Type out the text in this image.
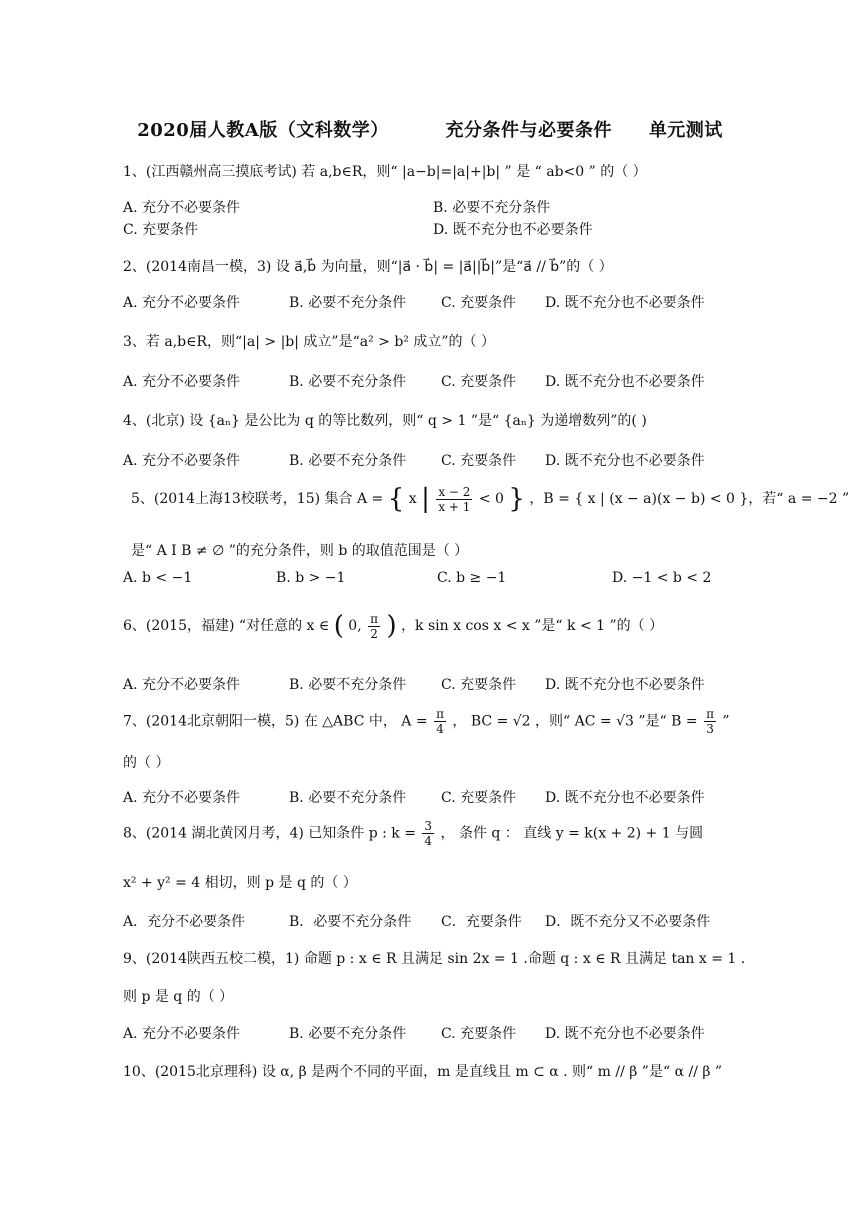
2020届人教A版（文科数学）	充分条件与必要条件 单元测试
1、(江西赣州高三摸底考试) 若 a,b∈R，则“ |a−b|=|a|+|b| ” 是 “ ab<0 ” 的（ ）
A. 充分不必要条件	B. 必要不充分条件
C. 充要条件	D. 既不充分也不必要条件
2、(2014南昌一模，3) 设 a⃗,b⃗ 为向量，则“|a⃗ · b⃗| = |a⃗||b⃗|”是“a⃗ // b⃗”的（ ）
A. 充分不必要条件	B. 必要不充分条件 C. 充要条件 D. 既不充分也不必要条件
3、若 a,b∈R，则“|a| > |b| 成立”是“a² > b² 成立”的（ ）
A. 充分不必要条件	B. 必要不充分条件 C. 充要条件 D. 既不充分也不必要条件
4、(北京) 设 {aₙ} 是公比为 q 的等比数列，则“ q > 1 ”是“ {aₙ} 为递增数列”的( )
A. 充分不必要条件	B. 必要不充分条件 C. 充要条件 D. 既不充分也不必要条件
5、(2014上海13校联考，15) 集合 A = { x | $\frac{x - 2}{x + 1} < 0$ } ，B = { x | (x − a)(x − b) < 0 }，若“ a = −2 ”
是“ A I B ≠ ∅ ”的充分条件，则 b 的取值范围是（ ）
A. b < −1	B. b > −1	C. b ≥ −1	D. −1 < b < 2
6、(2015，福建) “对任意的 x ∈ ( 0, $\frac{\pi}{2}$ ) ，k sin x cos x < x ”是“ k < 1 ”的（ ）
A. 充分不必要条件	B. 必要不充分条件 C. 充要条件 D. 既不充分也不必要条件
7、(2014北京朝阳一模，5) 在 △ABC 中， $A = \frac{\pi}{4}$ ， BC = √2 ，则“ AC = √3 ”是“ $B = \frac{\pi}{3}$ ”
的（ ）
A. 充分不必要条件	B. 必要不充分条件 C. 充要条件 D. 既不充分也不必要条件
8、(2014 湖北黄冈月考，4) 已知条件 p : $k = \frac{3}{4}$ ， 条件 q ： 直线 y = k(x + 2) + 1 与圆
x² + y² = 4 相切，则 p 是 q 的（ ）
A．充分不必要条件	B．必要不充分条件 C．充要条件 D．既不充分又不必要条件
9、(2014陕西五校二模，1) 命题 p : x ∈ R 且满足 sin 2x = 1 .命题 q : x ∈ R 且满足 tan x = 1 .
则 p 是 q 的（ ）
A. 充分不必要条件	B. 必要不充分条件 C. 充要条件 D. 既不充分也不必要条件
10、(2015北京理科) 设 α, β 是两个不同的平面，m 是直线且 m ⊂ α . 则“ m // β ”是“ α // β ”
